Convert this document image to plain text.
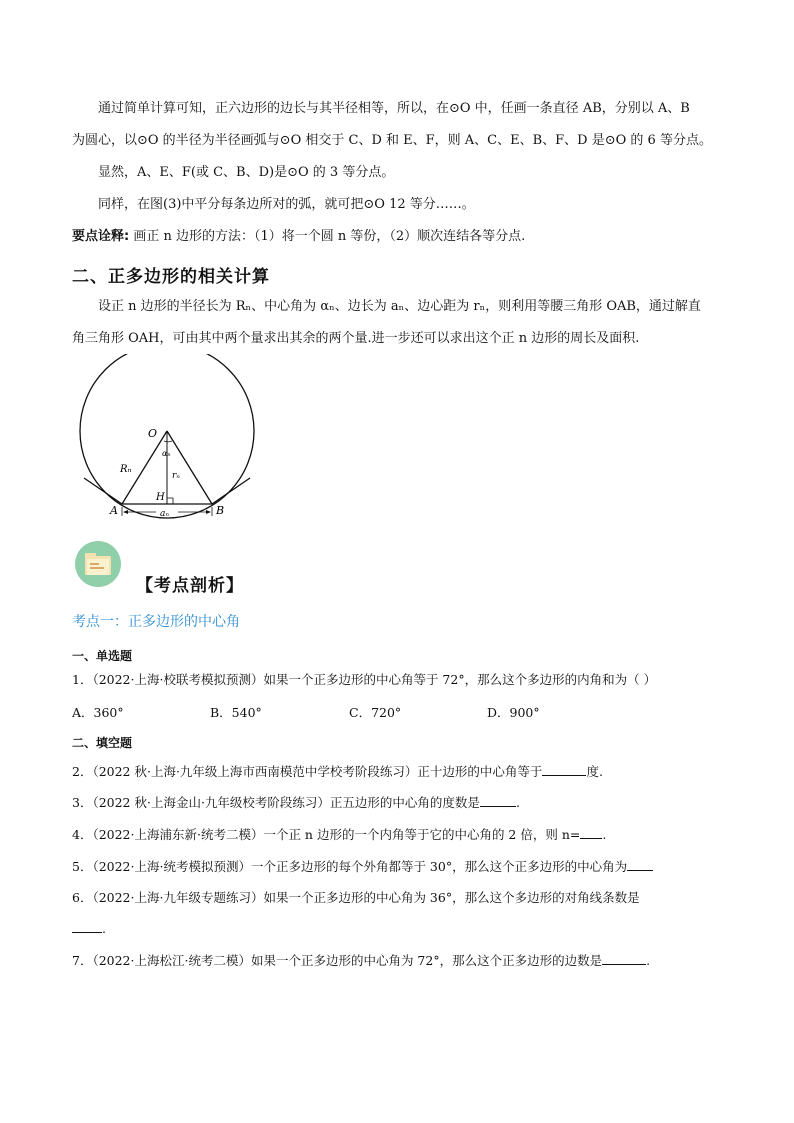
通过简单计算可知，正六边形的边长与其半径相等，所以，在⊙O 中，任画一条直径 AB，分别以 A、B
为圆心，以⊙O 的半径为半径画弧与⊙O 相交于 C、D 和 E、F，则 A、C、E、B、F、D 是⊙O 的 6 等分点。
显然，A、E、F(或 C、B、D)是⊙O 的 3 等分点。
同样，在图(3)中平分每条边所对的弧，就可把⊙O 12 等分……。
要点诠释: 画正 n 边形的方法：（1）将一个圆 n 等份，（2）顺次连结各等分点.
二、正多边形的相关计算
设正 n 边形的半径长为 Rₙ、中心角为 αₙ、边长为 aₙ、边心距为 rₙ，则利用等腰三角形 OAB，通过解直
角三角形 OAH，可由其中两个量求出其余的两个量.进一步还可以求出这个正 n 边形的周长及面积.
O
αₙ
Rₙ
rₙ
H
A	B
aₙ
【考点剖析】
考点一：正多边形的中心角
一、单选题
1．（2022·上海·校联考模拟预测）如果一个正多边形的中心角等于 72°，那么这个多边形的内角和为（ ）
A．360°	B．540°	C．720°	D．900°
二、填空题
2．（2022 秋·上海·九年级上海市西南模范中学校考阶段练习）正十边形的中心角等于	度.
3．（2022 秋·上海金山·九年级校考阶段练习）正五边形的中心角的度数是	.
4．（2022·上海浦东新·统考二模）一个正 n 边形的一个内角等于它的中心角的 2 倍，则 n= .
5．（2022·上海·统考模拟预测）一个正多边形的每个外角都等于 30°，那么这个正多边形的中心角为
6．（2022·上海·九年级专题练习）如果一个正多边形的中心角为 36°，那么这个多边形的对角线条数是
.
7．（2022·上海松江·统考二模）如果一个正多边形的中心角为 72°，那么这个正多边形的边数是	.
